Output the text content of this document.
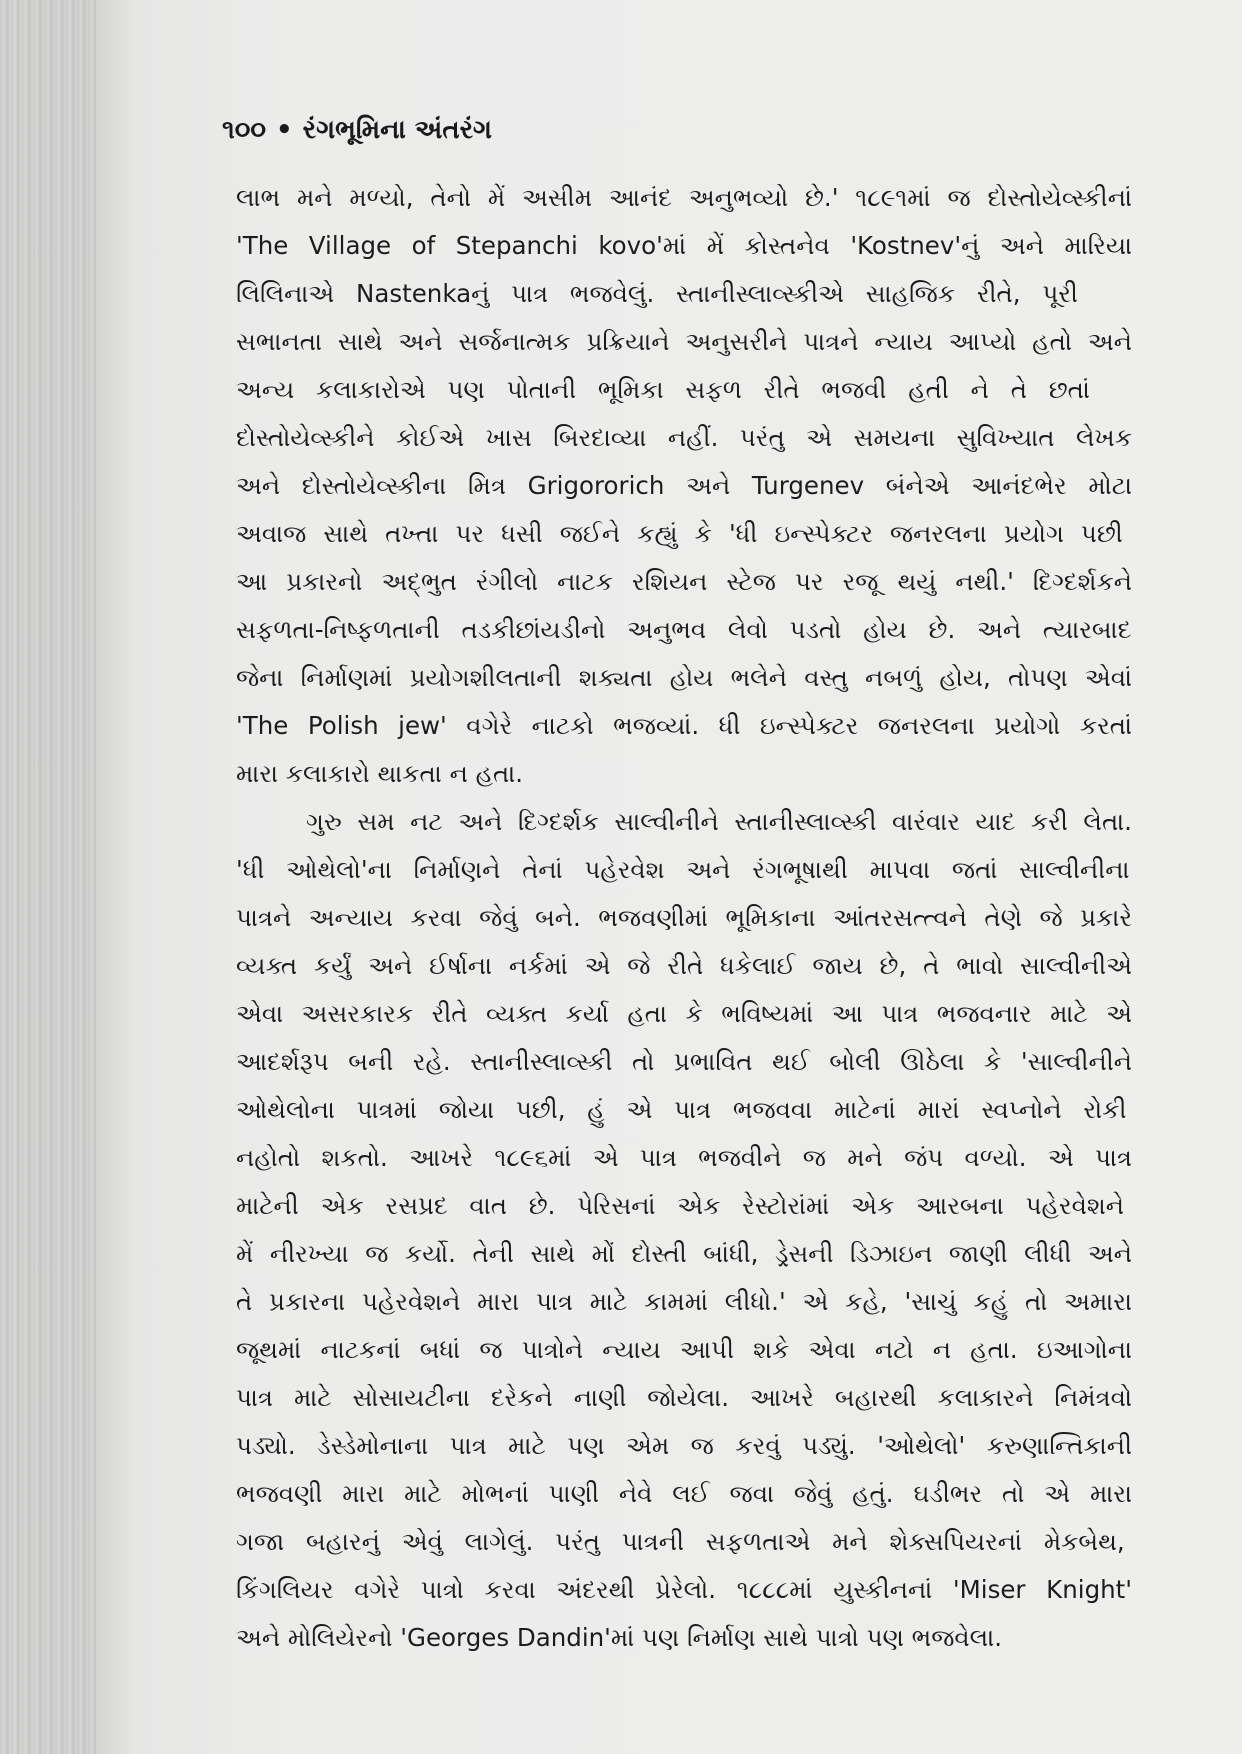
૧૦૦ • રંગભૂમિના અંતરંગ
લાભ મને મળ્યો, તેનો મેં અસીમ આનંદ અનુભવ્યો છે.' ૧૮૯૧માં જ દોસ્તોયેવ્સ્કીનાં
'The Village of Stepanchi kovo'માં મેં કોસ્તનેવ 'Kostnev'નું અને મારિયા
લિલિનાએ Nastenkaનું પાત્ર ભજવેલું. સ્તાનીસ્લાવ્સ્કીએ સાહજિક રીતે, પૂરી
સભાનતા સાથે અને સર્જનાત્મક પ્રક્રિયાને અનુસરીને પાત્રને ન્યાય આપ્યો હતો અને
અન્ય કલાકારોએ પણ પોતાની ભૂમિકા સફળ રીતે ભજવી હતી ને તે છતાં
દોસ્તોયેવ્સ્કીને કોઈએ ખાસ બિરદાવ્યા નહીં. પરંતુ એ સમયના સુવિખ્યાત લેખક
અને દોસ્તોયેવ્સ્કીના મિત્ર Grigororich અને Turgenev બંનેએ આનંદભેર મોટા
અવાજ સાથે તખ્તા પર ધસી જઈને કહ્યું કે 'ધી ઇન્સ્પેક્ટર જનરલના પ્રયોગ પછી
આ પ્રકારનો અદ્ભુત રંગીલો નાટક રશિયન સ્ટેજ પર રજૂ થયું નથી.' દિગ્દર્શકને
સફળતા-નિષ્ફળતાની તડકીછાંયડીનો અનુભવ લેવો પડતો હોય છે. અને ત્યારબાદ
જેના નિર્માણમાં પ્રયોગશીલતાની શક્યતા હોય ભલેને વસ્તુ નબળું હોય, તોપણ એવાં
'The Polish jew' વગેરે નાટકો ભજવ્યાં. ધી ઇન્સ્પેક્ટર જનરલના પ્રયોગો કરતાં
મારા કલાકારો થાકતા ન હતા.
ગુરુ સમ નટ અને દિગ્દર્શક સાલ્વીનીને સ્તાનીસ્લાવ્સ્કી વારંવાર યાદ કરી લેતા.
'ધી ઓથેલો'ના નિર્માણને તેનાં પહેરવેશ અને રંગભૂષાથી માપવા જતાં સાલ્વીનીના
પાત્રને અન્યાય કરવા જેવું બને. ભજવણીમાં ભૂમિકાના આંતરસત્ત્વને તેણે જે પ્રકારે
વ્યક્ત કર્યું અને ઈર્ષાના નર્કમાં એ જે રીતે ધકેલાઈ જાય છે, તે ભાવો સાલ્વીનીએ
એવા અસરકારક રીતે વ્યક્ત કર્યા હતા કે ભવિષ્યમાં આ પાત્ર ભજવનાર માટે એ
આદર્શરૂપ બની રહે. સ્તાનીસ્લાવ્સ્કી તો પ્રભાવિત થઈ બોલી ઊઠેલા કે 'સાલ્વીનીને
ઓથેલોના પાત્રમાં જોયા પછી, હું એ પાત્ર ભજવવા માટેનાં મારાં સ્વપ્નોને રોકી
નહોતો શકતો. આખરે ૧૮૯૬માં એ પાત્ર ભજવીને જ મને જંપ વળ્યો. એ પાત્ર
માટેની એક રસપ્રદ વાત છે. પેરિસનાં એક રેસ્ટોરાંમાં એક આરબના પહેરવેશને
મેં નીરખ્યા જ કર્યો. તેની સાથે મોં દોસ્તી બાંધી, ડ્રેસની ડિઝાઇન જાણી લીધી અને
તે પ્રકારના પહેરવેશને મારા પાત્ર માટે કામમાં લીધો.' એ કહે, 'સાચું કહું તો અમારા
જૂથમાં નાટકનાં બધાં જ પાત્રોને ન્યાય આપી શકે એવા નટો ન હતા. ઇઆગોના
પાત્ર માટે સોસાયટીના દરેકને નાણી જોયેલા. આખરે બહારથી કલાકારને નિમંત્રવો
પડ્યો. ડેસ્ડેમોનાના પાત્ર માટે પણ એમ જ કરવું પડ્યું. 'ઓથેલો' કરુણાન્તિકાની
ભજવણી મારા માટે મોભનાં પાણી નેવે લઈ જવા જેવું હતું. ઘડીભર તો એ મારા
ગજા બહારનું એવું લાગેલું. પરંતુ પાત્રની સફળતાએ મને શેક્સપિયરનાં મેકબેથ,
કિંગલિયર વગેરે પાત્રો કરવા અંદરથી પ્રેરેલો. ૧૮૮૮માં યુસ્કીનનાં 'Miser Knight'
અને મોલિયેરનો 'Georges Dandin'માં પણ નિર્માણ સાથે પાત્રો પણ ભજવેલા.
